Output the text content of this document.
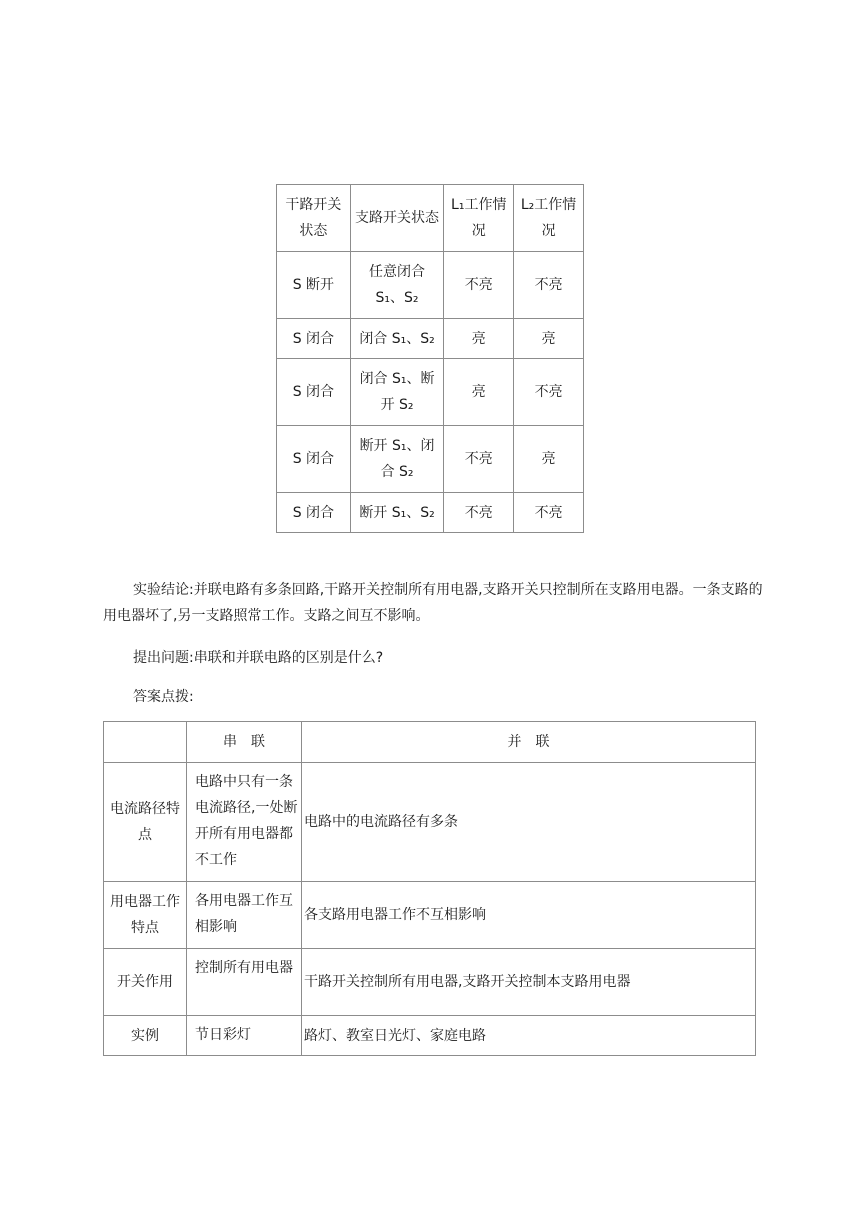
干路开关状态	支路开关状态	L₁工作情况	L₂工作情况
S 断开	任意闭合 S₁、S₂	不亮	不亮
S 闭合	闭合 S₁、S₂	亮	亮
S 闭合	闭合 S₁、断开 S₂	亮	不亮
S 闭合	断开 S₁、闭合 S₂	不亮	亮
S 闭合	断开 S₁、S₂	不亮	不亮

实验结论:并联电路有多条回路,干路开关控制所有用电器,支路开关只控制所在支路用电器。一条支路的用电器坏了,另一支路照常工作。支路之间互不影响。

提出问题:串联和并联电路的区别是什么?

答案点拨:

	串　联	并　联
电流路径特点	电路中只有一条电流路径,一处断开所有用电器都不工作	电路中的电流路径有多条
用电器工作特点	各用电器工作互相影响	各支路用电器工作不互相影响
开关作用	控制所有用电器	干路开关控制所有用电器,支路开关控制本支路用电器
实例	节日彩灯	路灯、教室日光灯、家庭电路
